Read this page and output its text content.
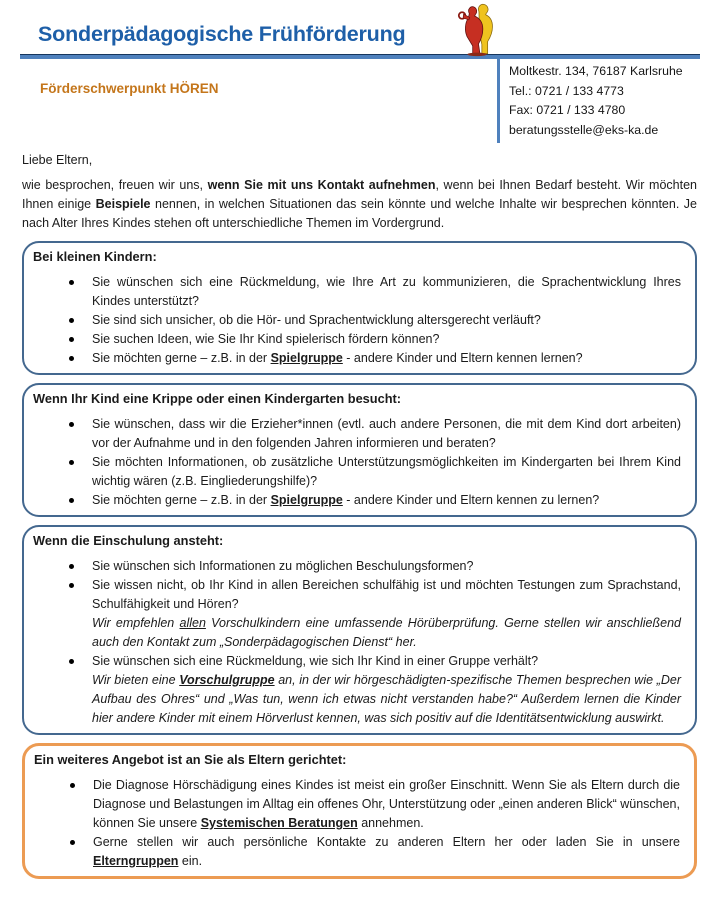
Sonderpädagogische Frühförderung
Förderschwerpunkt HÖREN
Moltkestr. 134, 76187 Karlsruhe
Tel.: 0721 / 133 4773
Fax: 0721 / 133 4780
beratungsstelle@eks-ka.de

Liebe Eltern,

wie besprochen, freuen wir uns, wenn Sie mit uns Kontakt aufnehmen, wenn bei Ihnen Bedarf besteht. Wir möchten Ihnen einige Beispiele nennen, in welchen Situationen das sein könnte und welche Inhalte wir besprechen könnten. Je nach Alter Ihres Kindes stehen oft unterschiedliche Themen im Vordergrund.

Bei kleinen Kindern:

Sie wünschen sich eine Rückmeldung, wie Ihre Art zu kommunizieren, die Sprachentwicklung Ihres Kindes unterstützt?

Sie sind sich unsicher, ob die Hör- und Sprachentwicklung altersgerecht verläuft?

Sie suchen Ideen, wie Sie Ihr Kind spielerisch fördern können?

Sie möchten gerne – z.B. in der Spielgruppe - andere Kinder und Eltern kennen lernen?

Wenn Ihr Kind eine Krippe oder einen Kindergarten besucht:

Sie wünschen, dass wir die Erzieher*innen (evtl. auch andere Personen, die mit dem Kind dort arbeiten) vor der Aufnahme und in den folgenden Jahren informieren und beraten?

Sie möchten Informationen, ob zusätzliche Unterstützungsmöglichkeiten im Kindergarten bei Ihrem Kind wichtig wären (z.B. Eingliederungshilfe)?

Sie möchten gerne – z.B. in der Spielgruppe - andere Kinder und Eltern kennen zu lernen?

Wenn die Einschulung ansteht:

Sie wünschen sich Informationen zu möglichen Beschulungsformen?

Sie wissen nicht, ob Ihr Kind in allen Bereichen schulfähig ist und möchten Testungen zum Sprachstand, Schulfähigkeit und Hören?

Wir empfehlen allen Vorschulkindern eine umfassende Hörüberprüfung. Gerne stellen wir anschließend auch den Kontakt zum „Sonderpädagogischen Dienst“ her.

Sie wünschen sich eine Rückmeldung, wie sich Ihr Kind in einer Gruppe verhält?

Wir bieten eine Vorschulgruppe an, in der wir hörgeschädigten-spezifische Themen besprechen wie „Der Aufbau des Ohres“ und „Was tun, wenn ich etwas nicht verstanden habe?“ Außerdem lernen die Kinder hier andere Kinder mit einem Hörverlust kennen, was sich positiv auf die Identitätsentwicklung auswirkt.

Ein weiteres Angebot ist an Sie als Eltern gerichtet:

Die Diagnose Hörschädigung eines Kindes ist meist ein großer Einschnitt. Wenn Sie als Eltern durch die Diagnose und Belastungen im Alltag ein offenes Ohr, Unterstützung oder „einen anderen Blick“ wünschen, können Sie unsere Systemischen Beratungen annehmen.

Gerne stellen wir auch persönliche Kontakte zu anderen Eltern her oder laden Sie in unsere Elterngruppen ein.
